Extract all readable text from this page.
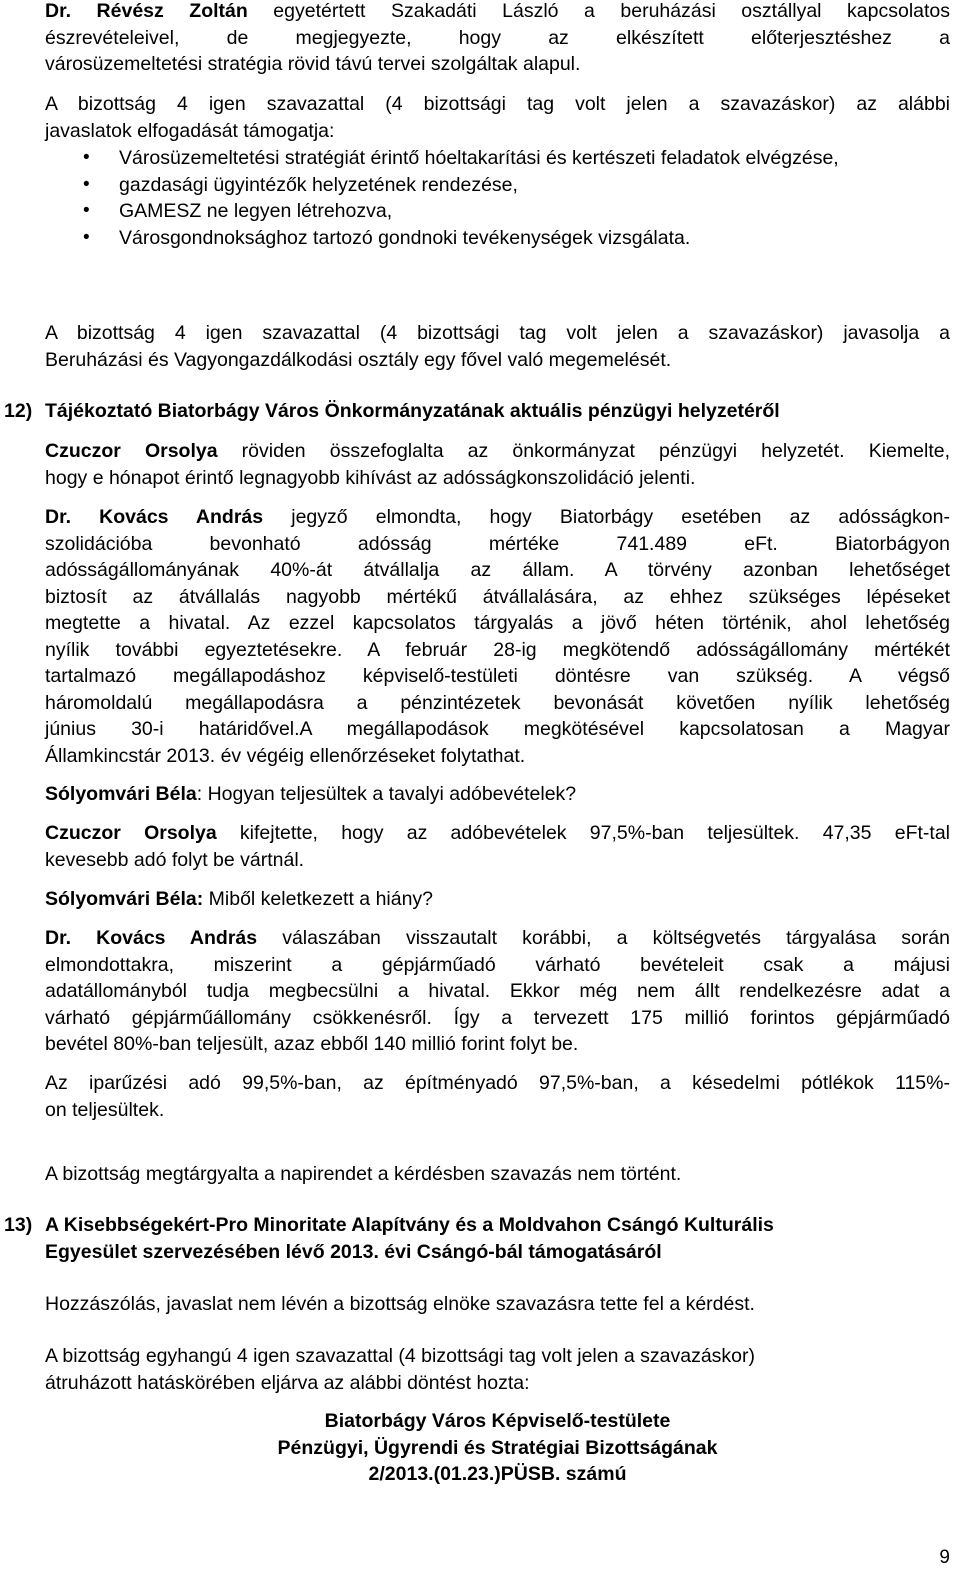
Dr. Révész Zoltán egyetértett Szakadáti László a beruházási osztállyal kapcsolatos
észrevételeivel, de megjegyezte, hogy az elkészített előterjesztéshez a
városüzemeltetési stratégia rövid távú tervei szolgáltak alapul.
A bizottság 4 igen szavazattal (4 bizottsági tag volt jelen a szavazáskor) az alábbi
javaslatok elfogadását támogatja:
• Városüzemeltetési stratégiát érintő hóeltakarítási és kertészeti feladatok elvégzése,
• gazdasági ügyintézők helyzetének rendezése,
• GAMESZ ne legyen létrehozva,
• Városgondnoksághoz tartozó gondnoki tevékenységek vizsgálata.
A bizottság 4 igen szavazattal (4 bizottsági tag volt jelen a szavazáskor) javasolja a
Beruházási és Vagyongazdálkodási osztály egy fővel való megemelését.
12) Tájékoztató Biatorbágy Város Önkormányzatának aktuális pénzügyi helyzetéről
Czuczor Orsolya röviden összefoglalta az önkormányzat pénzügyi helyzetét. Kiemelte,
hogy e hónapot érintő legnagyobb kihívást az adósságkonszolidáció jelenti.
Dr. Kovács András jegyző elmondta, hogy Biatorbágy esetében az adósságkon-
szolidációba bevonható adósság mértéke 741.489 eFt. Biatorbágyon
adósságállományának 40%-át átvállalja az állam. A törvény azonban lehetőséget
biztosít az átvállalás nagyobb mértékű átvállalására, az ehhez szükséges lépéseket
megtette a hivatal. Az ezzel kapcsolatos tárgyalás a jövő héten történik, ahol lehetőség
nyílik további egyeztetésekre. A február 28-ig megkötendő adósságállomány mértékét
tartalmazó megállapodáshoz képviselő-testületi döntésre van szükség. A végső
háromoldalú megállapodásra a pénzintézetek bevonását követően nyílik lehetőség
június 30-i határidővel.A megállapodások megkötésével kapcsolatosan a Magyar
Államkincstár 2013. év végéig ellenőrzéseket folytathat.
Sólyomvári Béla: Hogyan teljesültek a tavalyi adóbevételek?
Czuczor Orsolya kifejtette, hogy az adóbevételek 97,5%-ban teljesültek. 47,35 eFt-tal
kevesebb adó folyt be vártnál.
Sólyomvári Béla: Miből keletkezett a hiány?
Dr. Kovács András válaszában visszautalt korábbi, a költségvetés tárgyalása során
elmondottakra, miszerint a gépjárműadó várható bevételeit csak a májusi
adatállományból tudja megbecsülni a hivatal. Ekkor még nem állt rendelkezésre adat a
várható gépjárműállomány csökkenésről. Így a tervezett 175 millió forintos gépjárműadó
bevétel 80%-ban teljesült, azaz ebből 140 millió forint folyt be.
Az iparűzési adó 99,5%-ban, az építményadó 97,5%-ban, a késedelmi pótlékok 115%-
on teljesültek.
A bizottság megtárgyalta a napirendet a kérdésben szavazás nem történt.
13) A Kisebbségekért-Pro Minoritate Alapítvány és a Moldvahon Csángó Kulturális
Egyesület szervezésében lévő 2013. évi Csángó-bál támogatásáról
Hozzászólás, javaslat nem lévén a bizottság elnöke szavazásra tette fel a kérdést.
A bizottság egyhangú 4 igen szavazattal (4 bizottsági tag volt jelen a szavazáskor)
átruházott hatáskörében eljárva az alábbi döntést hozta:
Biatorbágy Város Képviselő-testülete
Pénzügyi, Ügyrendi és Stratégiai Bizottságának
2/2013.(01.23.)PÜSB. számú
9
